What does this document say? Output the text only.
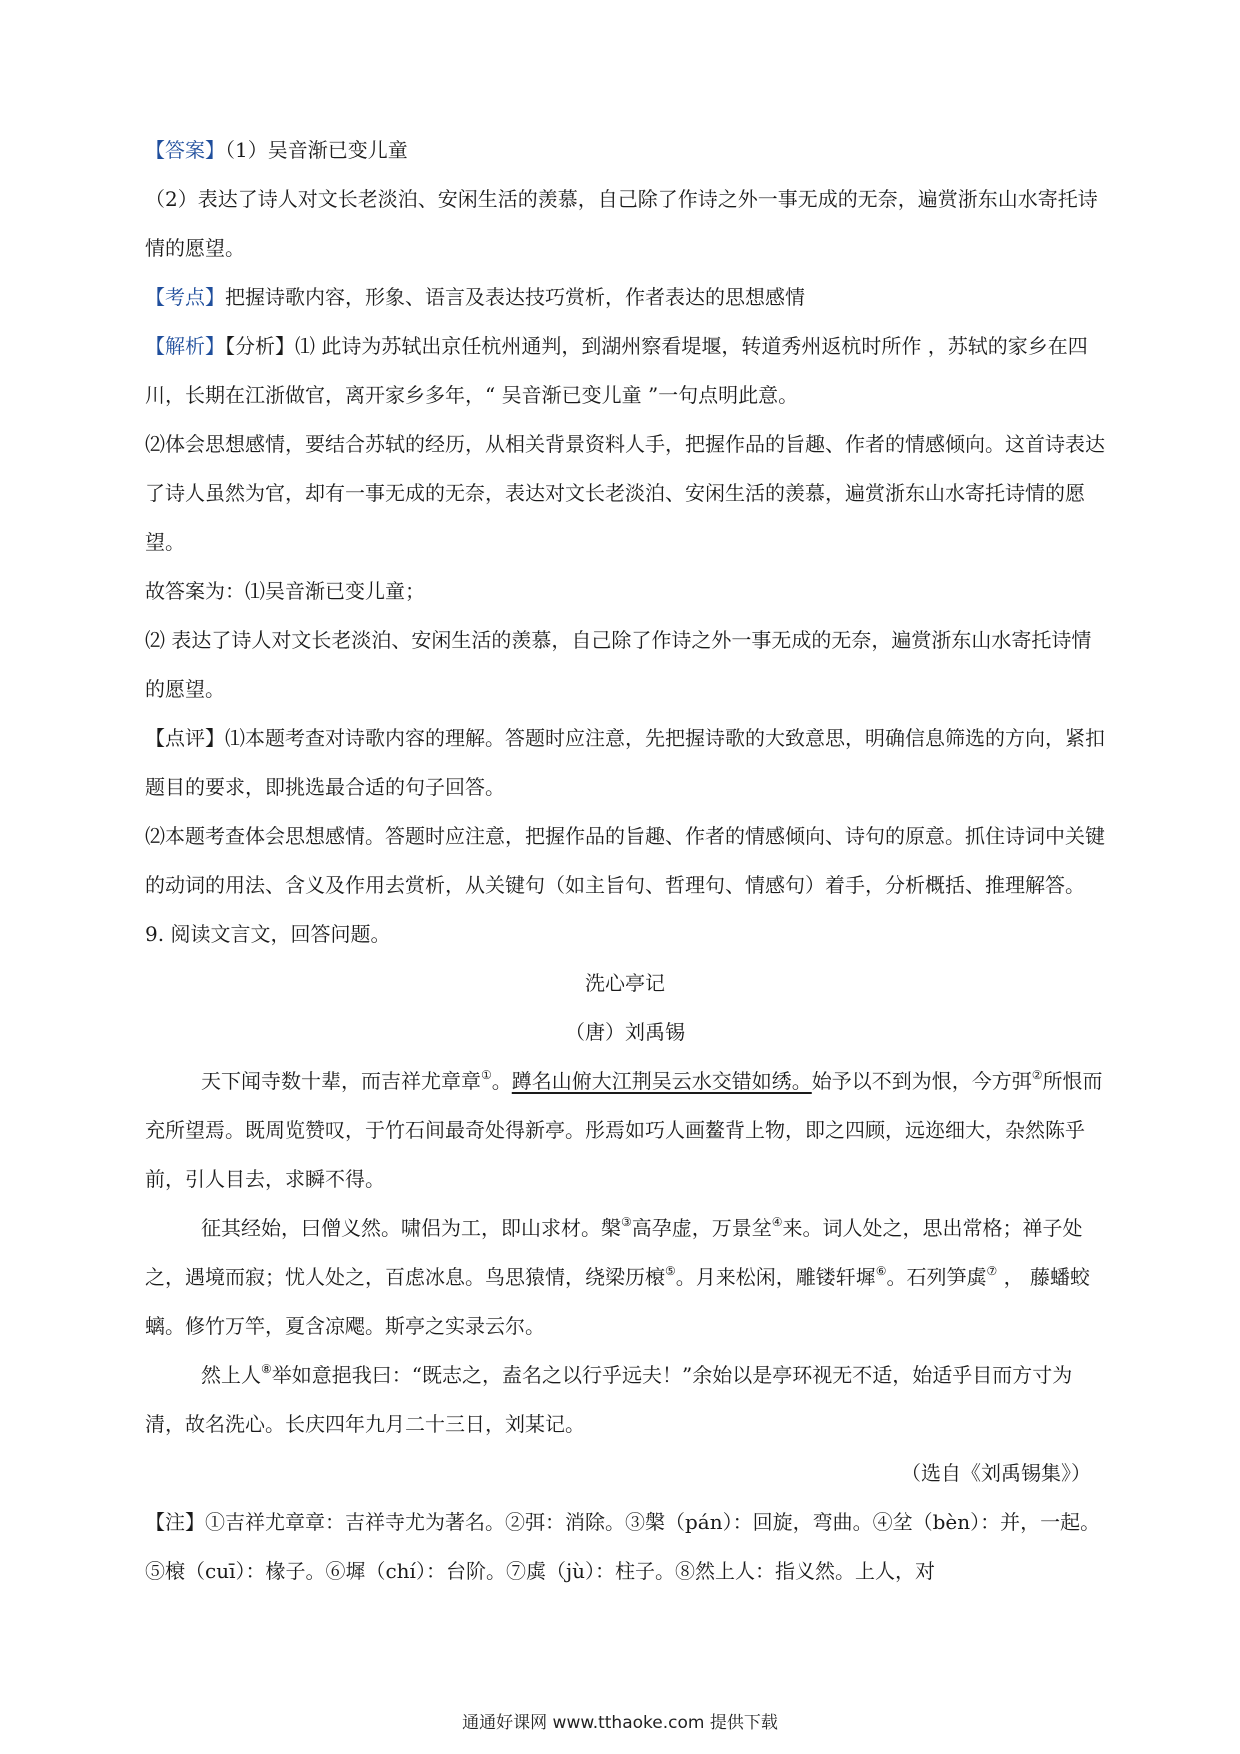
【答案】（1）吴音渐已变儿童

（2）表达了诗人对文长老淡泊、安闲生活的羡慕，自己除了作诗之外一事无成的无奈，遍赏浙东山水寄托诗情的愿望。

【考点】把握诗歌内容，形象、语言及表达技巧赏析，作者表达的思想感情

【解析】【分析】⑴ 此诗为苏轼出京任杭州通判，到湖州察看堤堰，转道秀州返杭时所作 ，苏轼的家乡在四川，长期在江浙做官，离开家乡多年，“ 吴音渐已变儿童 ”一句点明此意。

⑵体会思想感情，要结合苏轼的经历，从相关背景资料人手，把握作品的旨趣、作者的情感倾向。这首诗表达了诗人虽然为官，却有一事无成的无奈，表达对文长老淡泊、安闲生活的羡慕，遍赏浙东山水寄托诗情的愿望。

故答案为：⑴吴音渐已变儿童；

⑵ 表达了诗人对文长老淡泊、安闲生活的羡慕，自己除了作诗之外一事无成的无奈，遍赏浙东山水寄托诗情的愿望。

【点评】⑴本题考查对诗歌内容的理解。答题时应注意，先把握诗歌的大致意思，明确信息筛选的方向，紧扣题目的要求，即挑选最合适的句子回答。

⑵本题考查体会思想感情。答题时应注意，把握作品的旨趣、作者的情感倾向、诗句的原意。抓住诗词中关键的动词的用法、含义及作用去赏析，从关键句（如主旨句、哲理句、情感句）着手，分析概括、推理解答。

9. 阅读文言文，回答问题。

洗心亭记

（唐）刘禹锡

天下闻寺数十辈，而吉祥尤章章①。蹲名山俯大江荆吴云水交错如绣。始予以不到为恨，今方弭②所恨而充所望焉。既周览赞叹，于竹石间最奇处得新亭。彤焉如巧人画鳌背上物，即之四顾，远迩细大，杂然陈乎前，引人目去，求瞬不得。

征其经始，曰僧义然。啸侣为工，即山求材。槃③高孕虚，万景坌④来。词人处之，思出常格；禅子处之，遇境而寂；忧人处之，百虑冰息。鸟思猿情，绕梁历榱⑤。月来松闲，雕镂轩墀⑥。石列笋虡⑦ ， 藤蟠蛟螭。修竹万竿，夏含凉飔。斯亭之实录云尔。

然上人⑧举如意挹我曰：“既志之，盍名之以行乎远夫！”余始以是亭环视无不适，始适乎目而方寸为清，故名洗心。长庆四年九月二十三日，刘某记。

（选自《刘禹锡集》）

【注】①吉祥尤章章：吉祥寺尤为著名。②弭：消除。③槃（pán）：回旋，弯曲。④坌（bèn）：并，一起。⑤榱（cuī）：椽子。⑥墀（chí）：台阶。⑦虡（jù）：柱子。⑧然上人：指义然。上人，对

通通好课网 www.tthaoke.com 提供下载
